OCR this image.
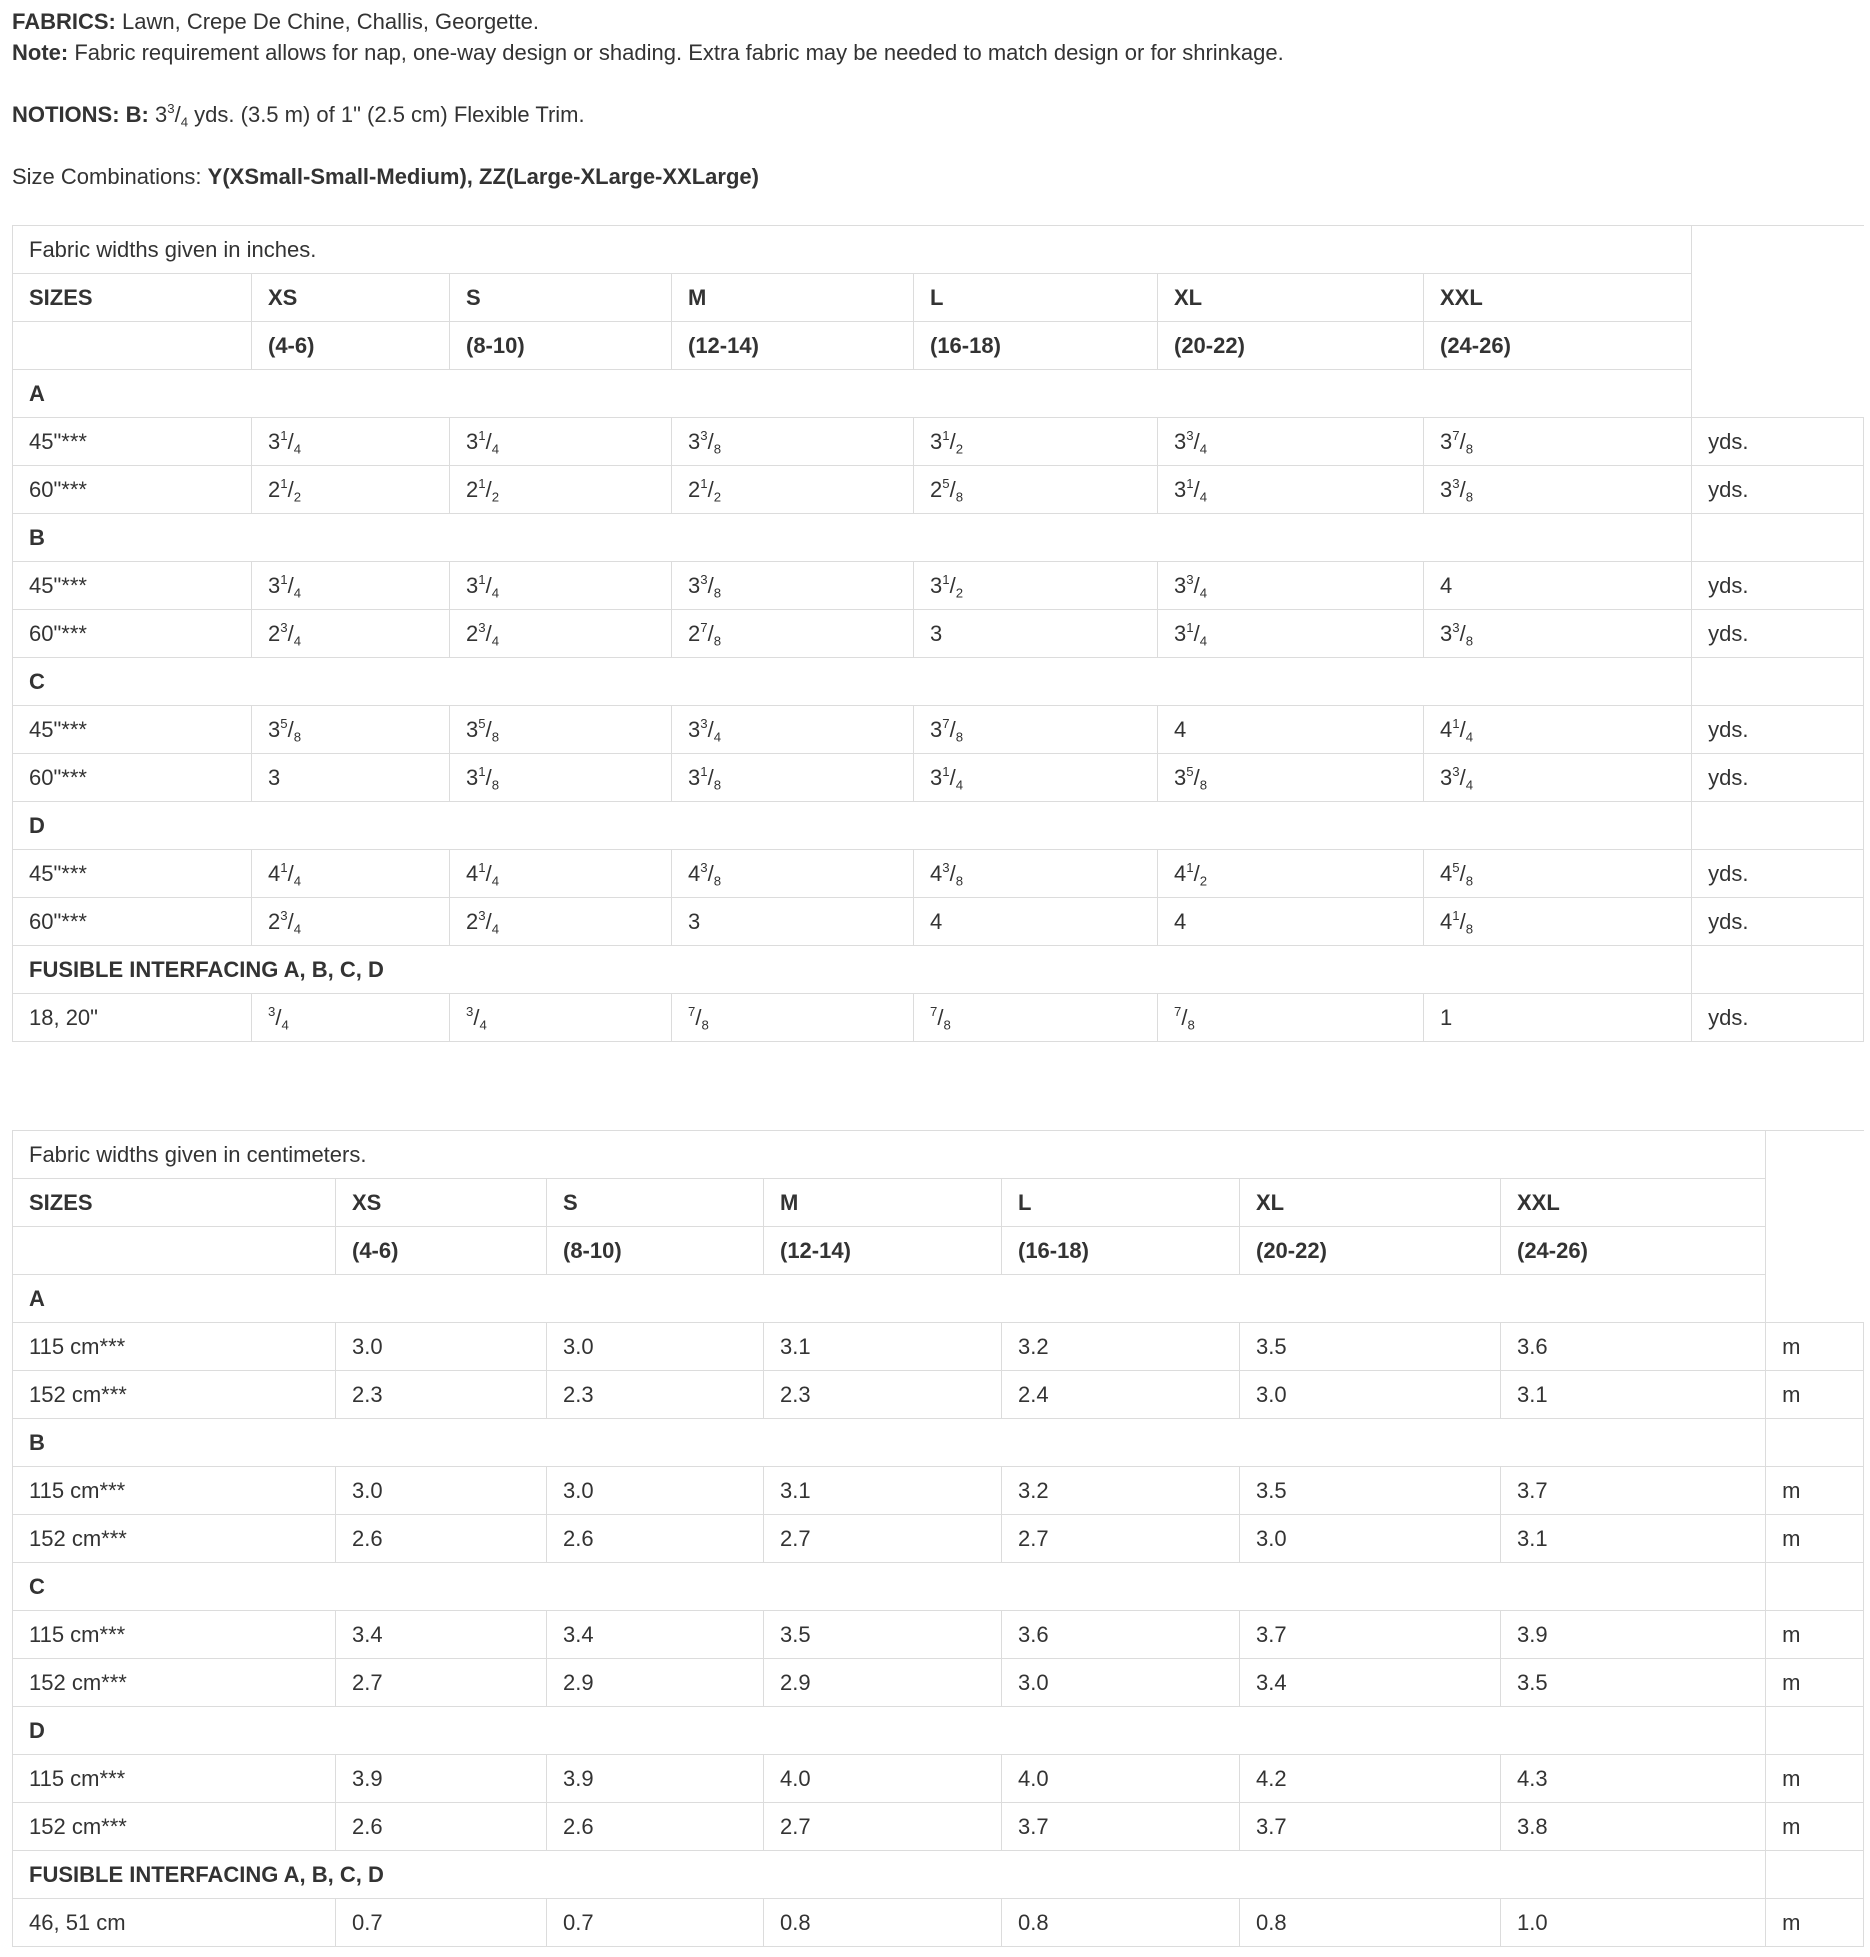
FABRICS: Lawn, Crepe De Chine, Challis, Georgette.

Note: Fabric requirement allows for nap, one-way design or shading. Extra fabric may be needed to match design or for shrinkage.

NOTIONS: B: $3^3/_4$ yds. (3.5 m) of 1" (2.5 cm) Flexible Trim.

Size Combinations: Y(XSmall-Small-Medium), ZZ(Large-XLarge-XXLarge)

Fabric widths given in inches.							
SIZES	XS	S	M	L	XL	XXL	
	(4-6)	(8-10)	(12-14)	(16-18)	(20-22)	(24-26)	
A							
45"***	$3^1/_4$	$3^1/_4$	$3^3/_8$	$3^1/_2$	$3^3/_4$	$3^7/_8$	yds.
60"***	$2^1/_2$	$2^1/_2$	$2^1/_2$	$2^5/_8$	$3^1/_4$	$3^3/_8$	yds.
B							
45"***	$3^1/_4$	$3^1/_4$	$3^3/_8$	$3^1/_2$	$3^3/_4$	4	yds.
60"***	$2^3/_4$	$2^3/_4$	$2^7/_8$	3	$3^1/_4$	$3^3/_8$	yds.
C							
45"***	$3^5/_8$	$3^5/_8$	$3^3/_4$	$3^7/_8$	4	$4^1/_4$	yds.
60"***	3	$3^1/_8$	$3^1/_8$	$3^1/_4$	$3^5/_8$	$3^3/_4$	yds.
D							
45"***	$4^1/_4$	$4^1/_4$	$4^3/_8$	$4^3/_8$	$4^1/_2$	$4^5/_8$	yds.
60"***	$2^3/_4$	$2^3/_4$	3	4	4	$4^1/_8$	yds.
FUSIBLE INTERFACING A, B, C, D							
18, 20"	$^3/_4$	$^3/_4$	$^7/_8$	$^7/_8$	$^7/_8$	1	yds.
Fabric widths given in centimeters.							
SIZES	XS	S	M	L	XL	XXL	
	(4-6)	(8-10)	(12-14)	(16-18)	(20-22)	(24-26)	
A							
115 cm***	3.0	3.0	3.1	3.2	3.5	3.6	m
152 cm***	2.3	2.3	2.3	2.4	3.0	3.1	m
B							
115 cm***	3.0	3.0	3.1	3.2	3.5	3.7	m
152 cm***	2.6	2.6	2.7	2.7	3.0	3.1	m
C							
115 cm***	3.4	3.4	3.5	3.6	3.7	3.9	m
152 cm***	2.7	2.9	2.9	3.0	3.4	3.5	m
D							
115 cm***	3.9	3.9	4.0	4.0	4.2	4.3	m
152 cm***	2.6	2.6	2.7	3.7	3.7	3.8	m
FUSIBLE INTERFACING A, B, C, D							
46, 51 cm	0.7	0.7	0.8	0.8	0.8	1.0	m
